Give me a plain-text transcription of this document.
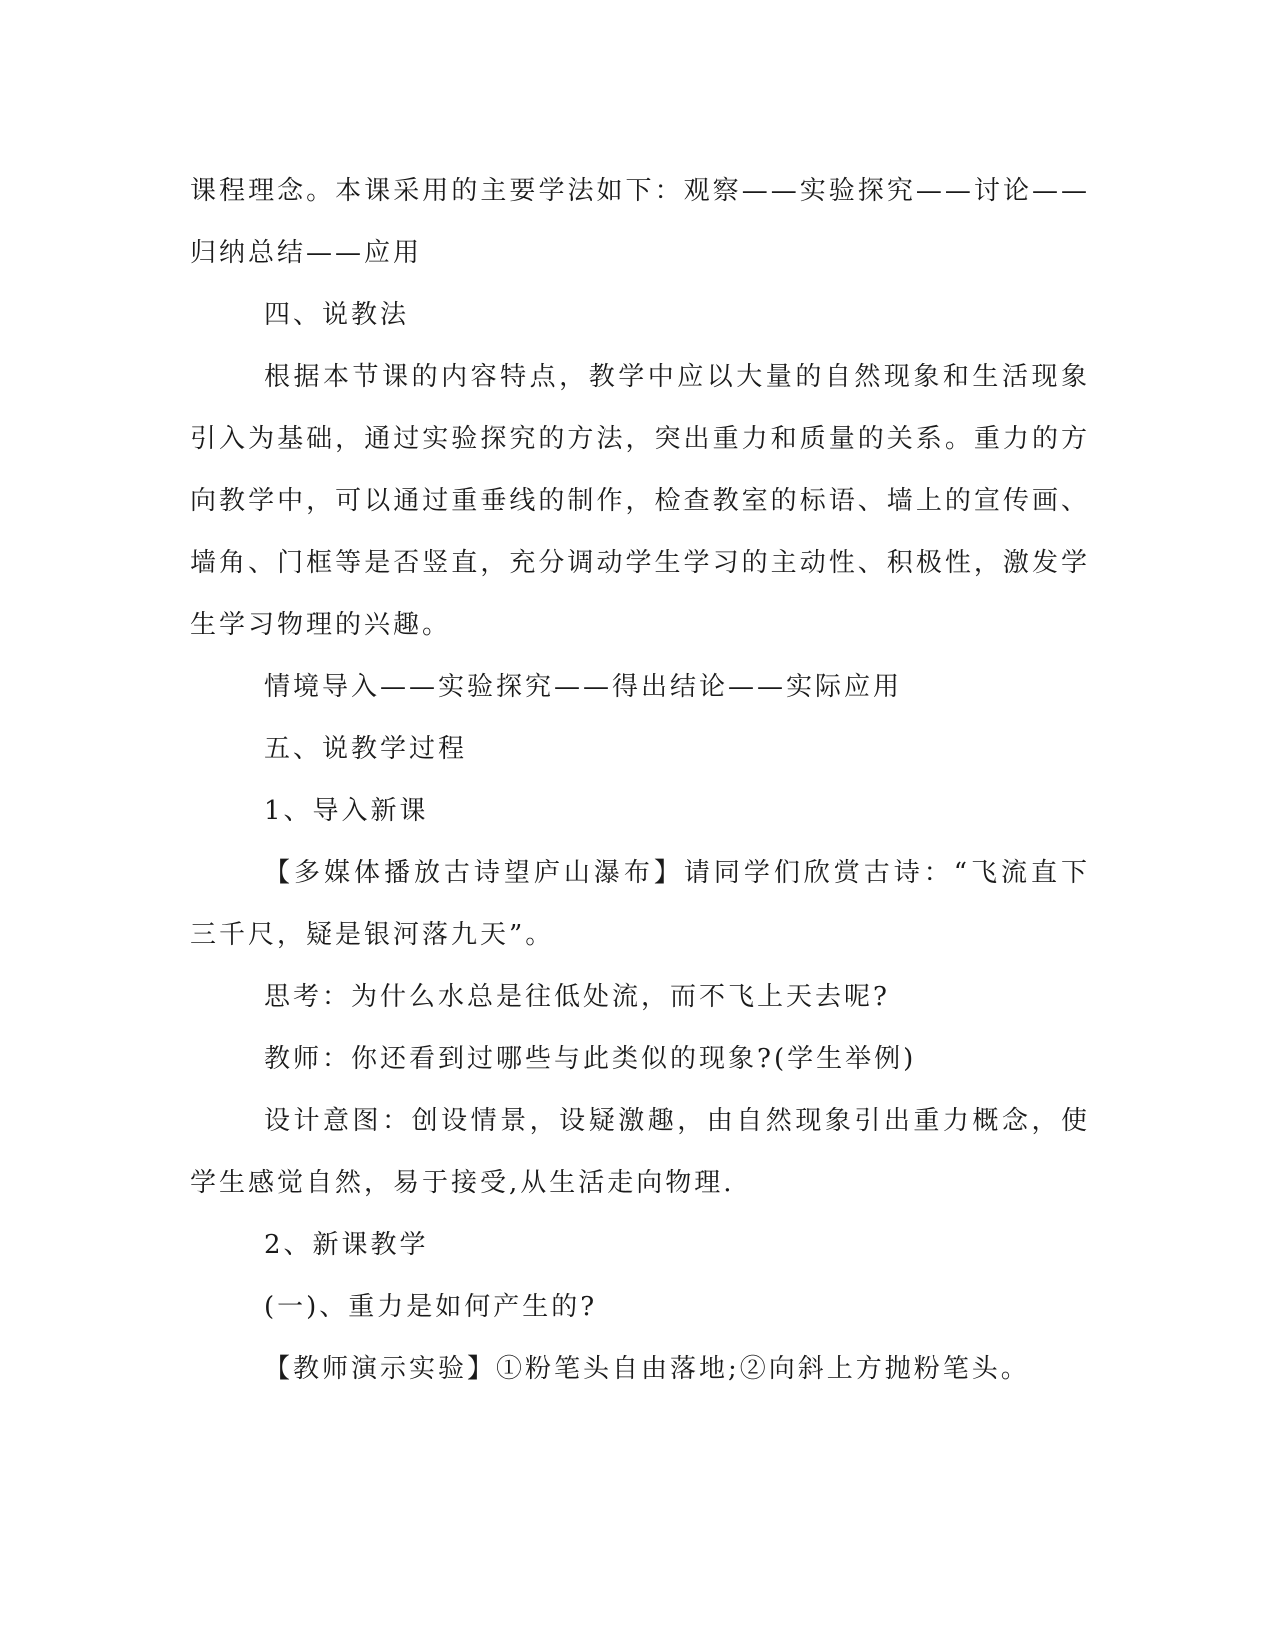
课程理念。本课采用的主要学法如下：观察——实验探究——讨论——归纳总结——应用

四、说教法

根据本节课的内容特点，教学中应以大量的自然现象和生活现象引入为基础，通过实验探究的方法，突出重力和质量的关系。重力的方向教学中，可以通过重垂线的制作，检查教室的标语、墙上的宣传画、墙角、门框等是否竖直，充分调动学生学习的主动性、积极性，激发学生学习物理的兴趣。

情境导入——实验探究——得出结论——实际应用

五、说教学过程

1、导入新课

【多媒体播放古诗望庐山瀑布】请同学们欣赏古诗：“飞流直下三千尺，疑是银河落九天”。

思考：为什么水总是往低处流，而不飞上天去呢?

教师：你还看到过哪些与此类似的现象?(学生举例)

设计意图：创设情景，设疑激趣，由自然现象引出重力概念，使学生感觉自然，易于接受,从生活走向物理.

2、新课教学

(一)、重力是如何产生的?

【教师演示实验】①粉笔头自由落地;②向斜上方抛粉笔头。
